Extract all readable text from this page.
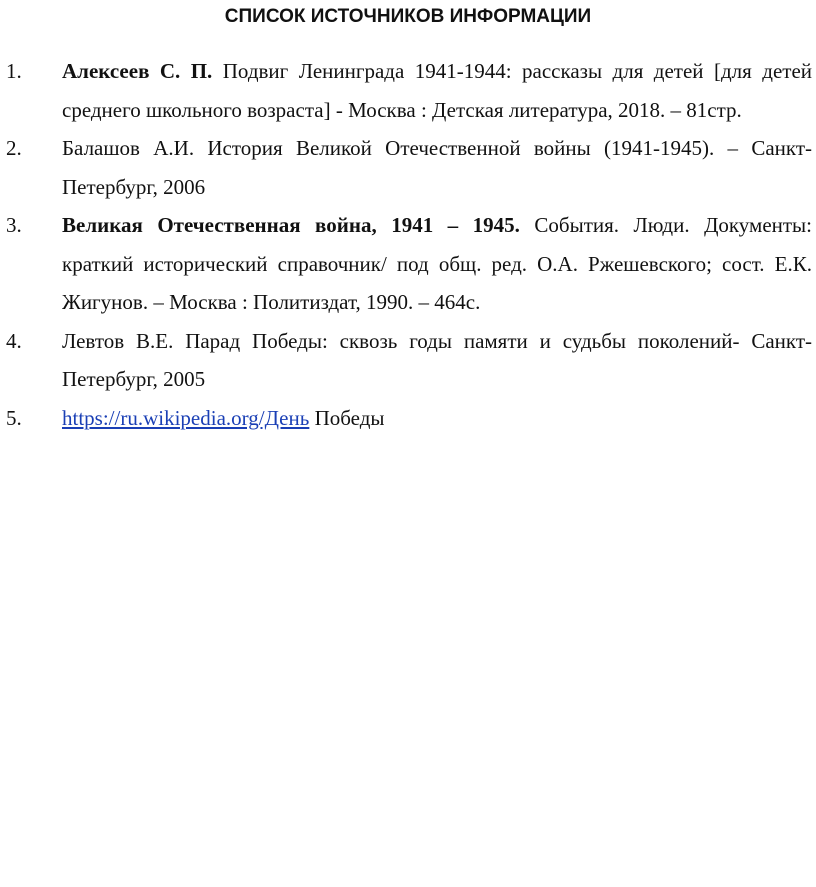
СПИСОК ИСТОЧНИКОВ ИНФОРМАЦИИ
1. Алексеев С. П. Подвиг Ленинграда 1941-1944: рассказы для детей [для детей среднего школьного возраста] - Москва : Детская литература, 2018. – 81стр.
2. Балашов А.И. История Великой Отечественной войны (1941-1945). – Санкт-Петербург, 2006
3. Великая Отечественная война, 1941 – 1945. События. Люди. Документы: краткий исторический справочник/ под общ. ред. О.А. Ржешевского; сост. Е.К. Жигунов. – Москва : Политиздат, 1990. – 464с.
4. Левтов В.Е. Парад Победы: сквозь годы памяти и судьбы поколений- Санкт-Петербург, 2005
5. https://ru.wikipedia.org/День Победы
